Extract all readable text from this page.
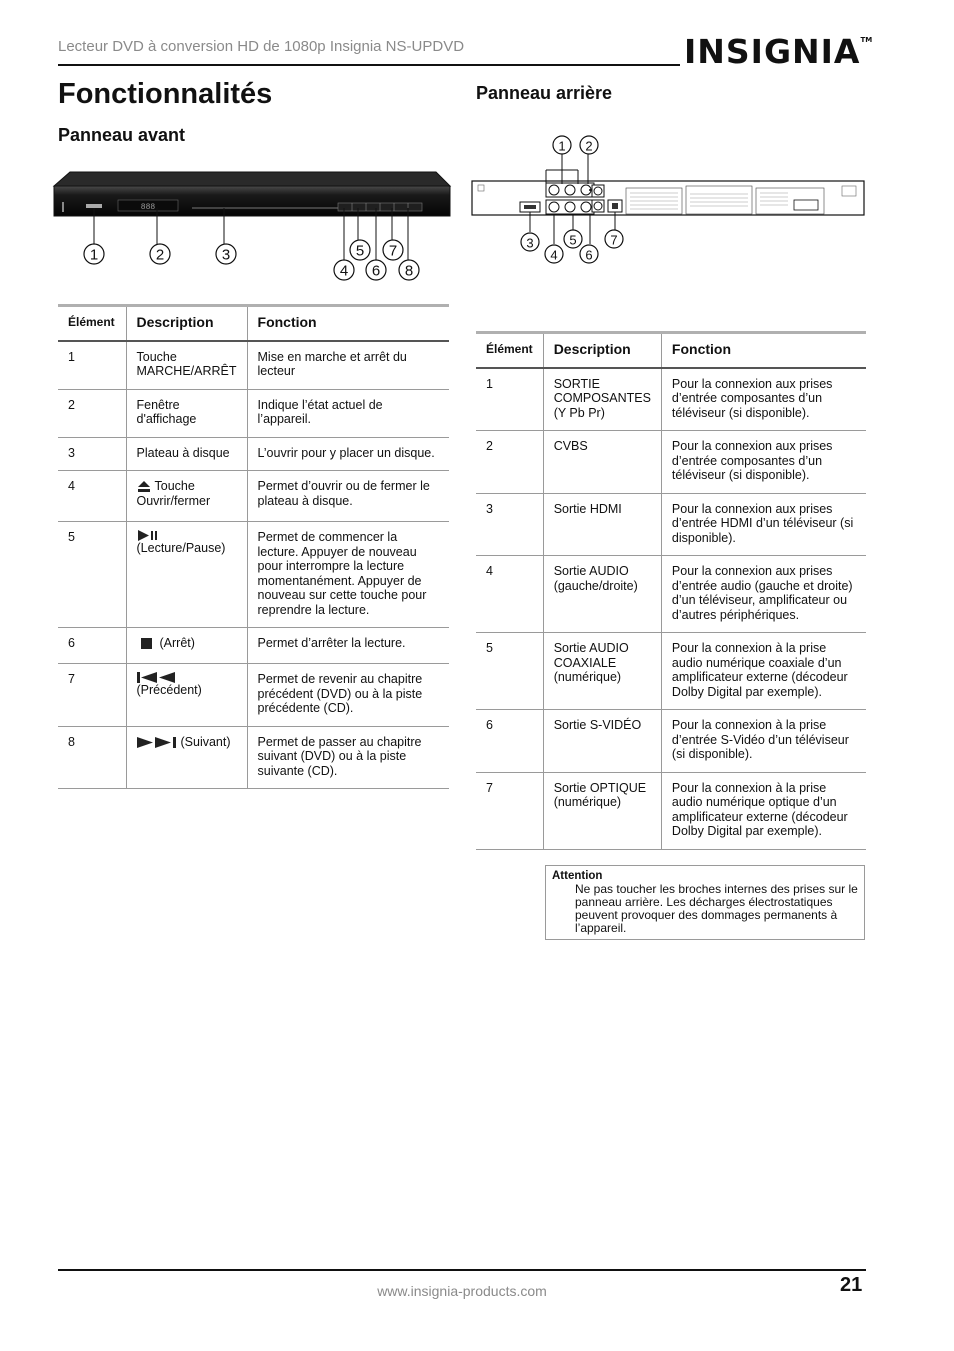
Lecteur DVD à conversion HD de 1080p Insignia NS-UPDVD	INSIGNIA™
Fonctionnalités
Panneau avant
888
1	2	3
4
5
6
7
8
Élément	Description	Fonction
1	Touche MARCHE/ARRÊT	Mise en marche et arrêt du lecteur
2	Fenêtre d'affichage	Indique l’état actuel de l’appareil.
3	Plateau à disque	L’ouvrir pour y placer un disque.
4	Touche Ouvrir/fermer	Permet d’ouvrir ou de fermer le plateau à disque.
5	(Lecture/Pause)	Permet de commencer la lecture. Appuyer de nouveau pour interrompre la lecture momentanément. Appuyer de nouveau sur cette touche pour reprendre la lecture.
6	(Arrêt)	Permet d’arrêter la lecture.
7	(Précédent)	Permet de revenir au chapitre précédent (DVD) ou à la piste précédente (CD).
8	(Suivant)	Permet de passer au chapitre suivant (DVD) ou à la piste suivante (CD).
Panneau arrière
1 2
3
4
5
6
7
Élément	Description	Fonction
1	SORTIE COMPOSANTES (Y Pb Pr)	Pour la connexion aux prises d’entrée composantes d’un téléviseur (si disponible).
2	CVBS	Pour la connexion aux prises d’entrée composantes d’un téléviseur (si disponible).
3	Sortie HDMI	Pour la connexion aux prises d’entrée HDMI d’un téléviseur (si disponible).
4	Sortie AUDIO (gauche/droite)	Pour la connexion aux prises d’entrée audio (gauche et droite) d’un téléviseur, amplificateur ou d’autres périphériques.
5	Sortie AUDIO COAXIALE (numérique)	Pour la connexion à la prise audio numérique coaxiale d’un amplificateur externe (décodeur Dolby Digital par exemple).
6	Sortie S-VIDÉO	Pour la connexion à la prise d’entrée S-Vidéo d’un téléviseur (si disponible).
7	Sortie OPTIQUE (numérique)	Pour la connexion à la prise audio numérique optique d’un amplificateur externe (décodeur Dolby Digital par exemple).
Attention
Ne pas toucher les broches internes des prises sur le panneau arrière. Les décharges électrostatiques peuvent provoquer des dommages permanents à l’appareil.
www.insignia-products.com	21
